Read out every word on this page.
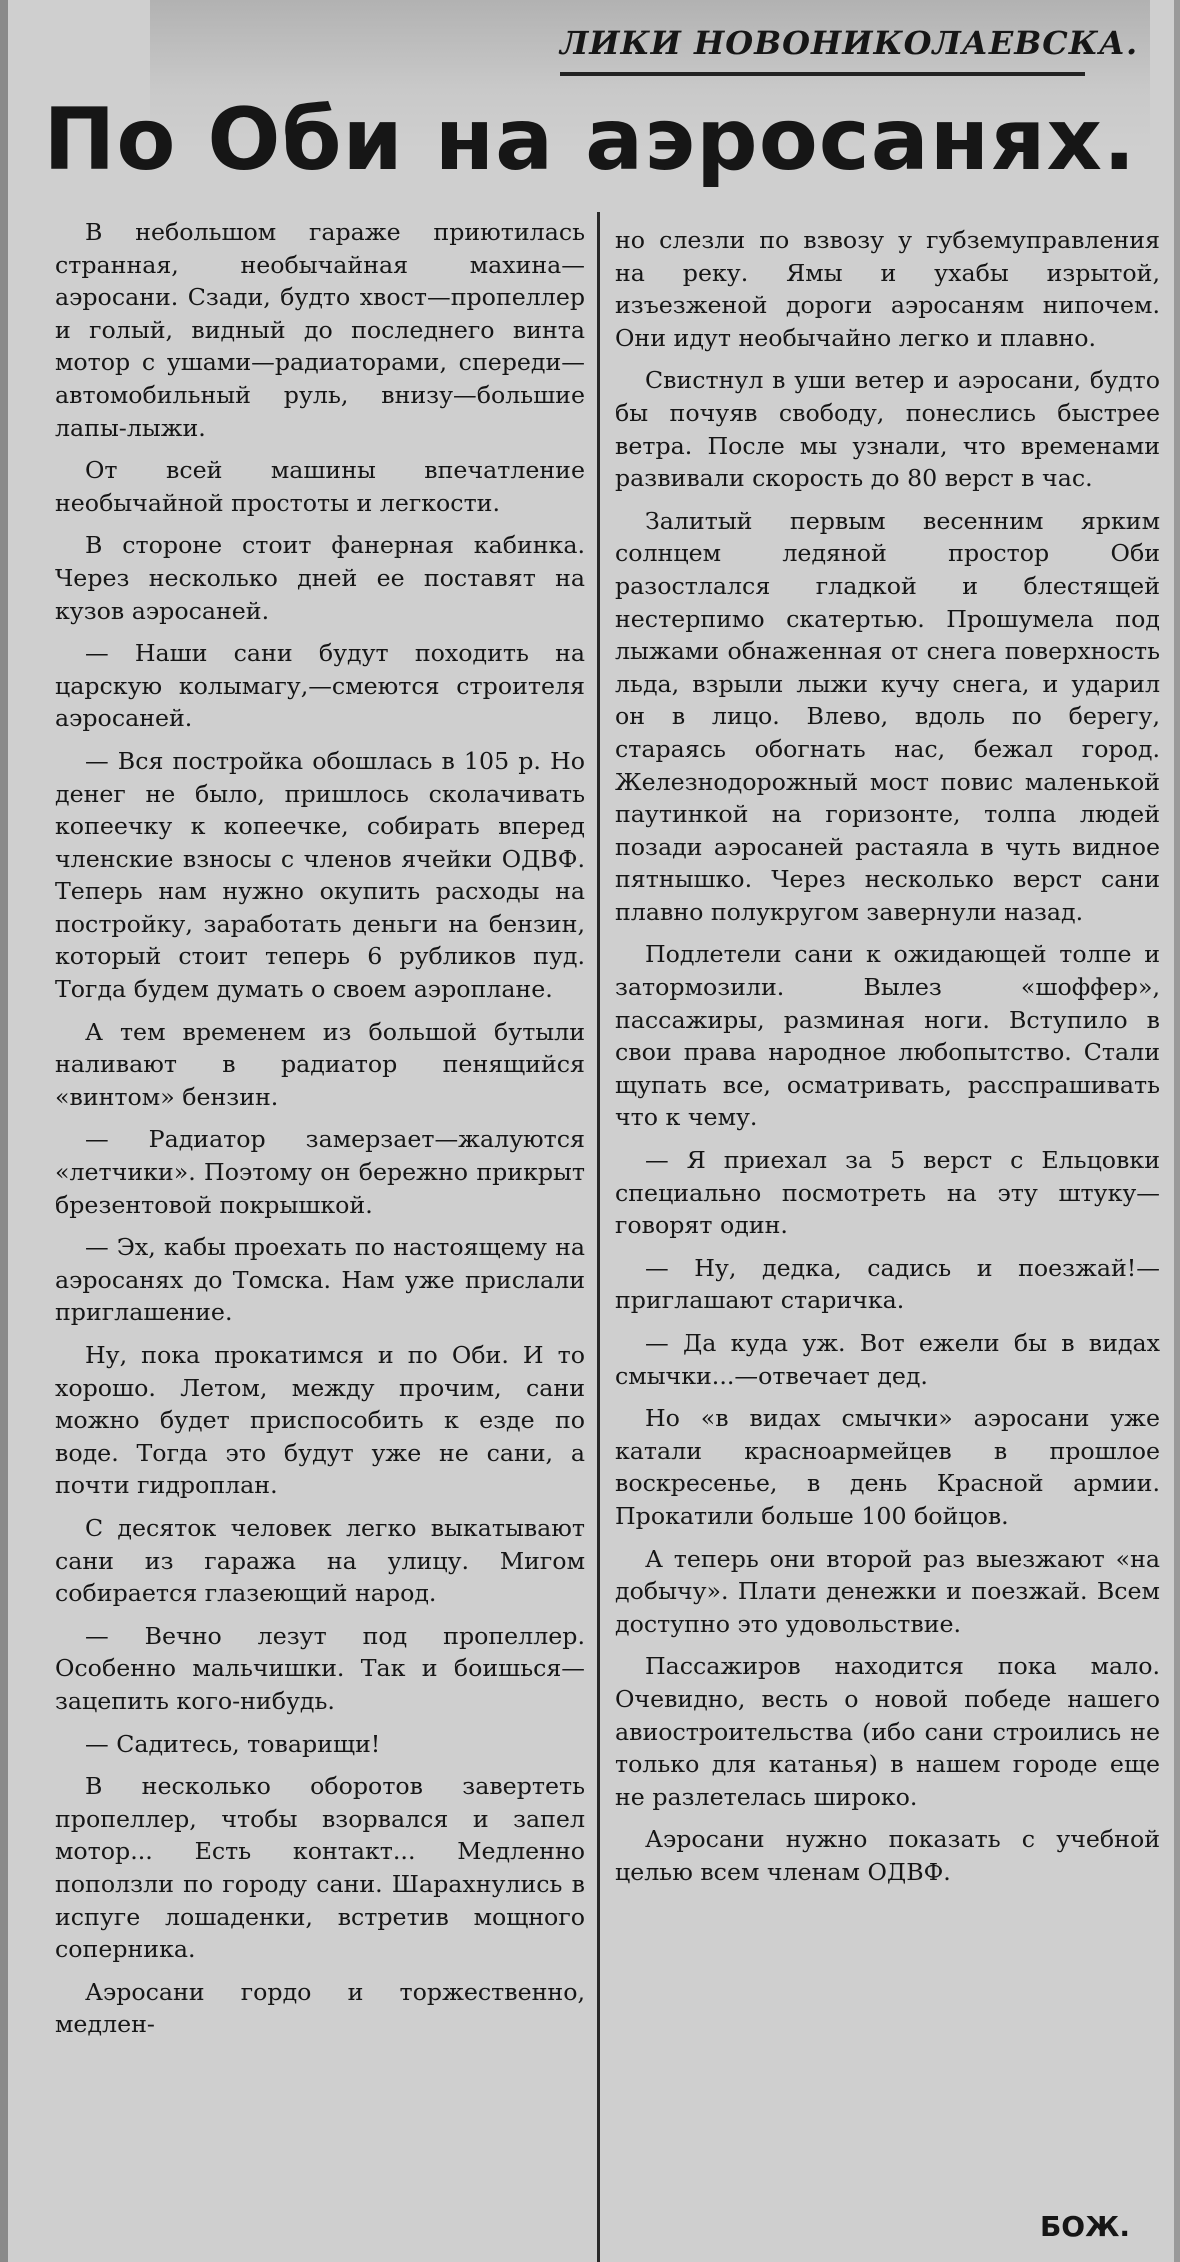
ЛИКИ НОВОНИКОЛАЕВСКА.
По Оби на аэросанях.

В небольшом гараже приютилась странная, необычайная махина—аэросани. Сзади, будто хвост—пропеллер и голый, видный до последнего винта мотор с ушами—радиаторами, спереди— автомобильный руль, внизу—большие лапы-лыжи.

От всей машины впечатление необычайной простоты и легкости.

В стороне стоит фанерная кабинка. Через несколько дней ее поставят на кузов аэросаней.

— Наши сани будут походить на царскую колымагу,—смеются строителя аэросаней.

— Вся постройка обошлась в 105 р. Но денег не было, пришлось сколачивать копеечку к копеечке, собирать вперед членские взносы с членов ячейки ОДВФ. Теперь нам нужно окупить расходы на постройку, заработать деньги на бензин, который стоит теперь 6 рубликов пуд. Тогда будем думать о своем аэроплане.

А тем временем из большой бутыли наливают в радиатор пенящийся «винтом» бензин.

— Радиатор замерзает—жалуются «летчики». Поэтому он бережно прикрыт брезентовой покрышкой.

— Эх, кабы проехать по настоящему на аэросанях до Томска. Нам уже прислали приглашение.

Ну, пока прокатимся и по Оби. И то хорошо. Летом, между прочим, сани можно будет приспособить к езде по воде. Тогда это будут уже не сани, а почти гидроплан.

С десяток человек легко выкатывают сани из гаража на улицу. Мигом собирается глазеющий народ.

— Вечно лезут под пропеллер. Особенно мальчишки. Так и боишься—зацепить кого-нибудь.

— Садитесь, товарищи!

В несколько оборотов завертеть пропеллер, чтобы взорвался и запел мотор... Есть контакт... Медленно поползли по городу сани. Шарахнулись в испуге лошаденки, встретив мощного соперника.

Аэросани гордо и торжественно, медлен-

но слезли по взвозу у губземуправления на реку. Ямы и ухабы изрытой, изъезженой дороги аэросаням нипочем. Они идут необычайно легко и плавно.

Свистнул в уши ветер и аэросани, будто бы почуяв свободу, понеслись быстрее ветра. После мы узнали, что временами развивали скорость до 80 верст в час.

Залитый первым весенним ярким солнцем ледяной простор Оби разостлался гладкой и блестящей нестерпимо скатертью. Прошумела под лыжами обнаженная от снега поверхность льда, взрыли лыжи кучу снега, и ударил он в лицо. Влево, вдоль по берегу, стараясь обогнать нас, бежал город. Железнодорожный мост повис маленькой паутинкой на горизонте, толпа людей позади аэросаней растаяла в чуть видное пятнышко. Через несколько верст сани плавно полукругом завернули назад.

Подлетели сани к ожидающей толпе и затормозили. Вылез «шоффер», пассажиры, разминая ноги. Вступило в свои права народное любопытство. Стали щупать все, осматривать, расспрашивать что к чему.

— Я приехал за 5 верст с Ельцовки специально посмотреть на эту штуку—говорят один.

— Ну, дедка, садись и поезжай!—приглашают старичка.

— Да куда уж. Вот ежели бы в видах смычки...—отвечает дед.

Но «в видах смычки» аэросани уже катали красноармейцев в прошлое воскресенье, в день Красной армии. Прокатили больше 100 бойцов.

А теперь они второй раз выезжают «на добычу». Плати денежки и поезжай. Всем доступно это удовольствие.

Пассажиров находится пока мало. Очевидно, весть о новой победе нашего авиостроительства (ибо сани строились не только для катанья) в нашем городе еще не разлетелась широко.

Аэросани нужно показать с учебной целью всем членам ОДВФ.

БОЖ.
